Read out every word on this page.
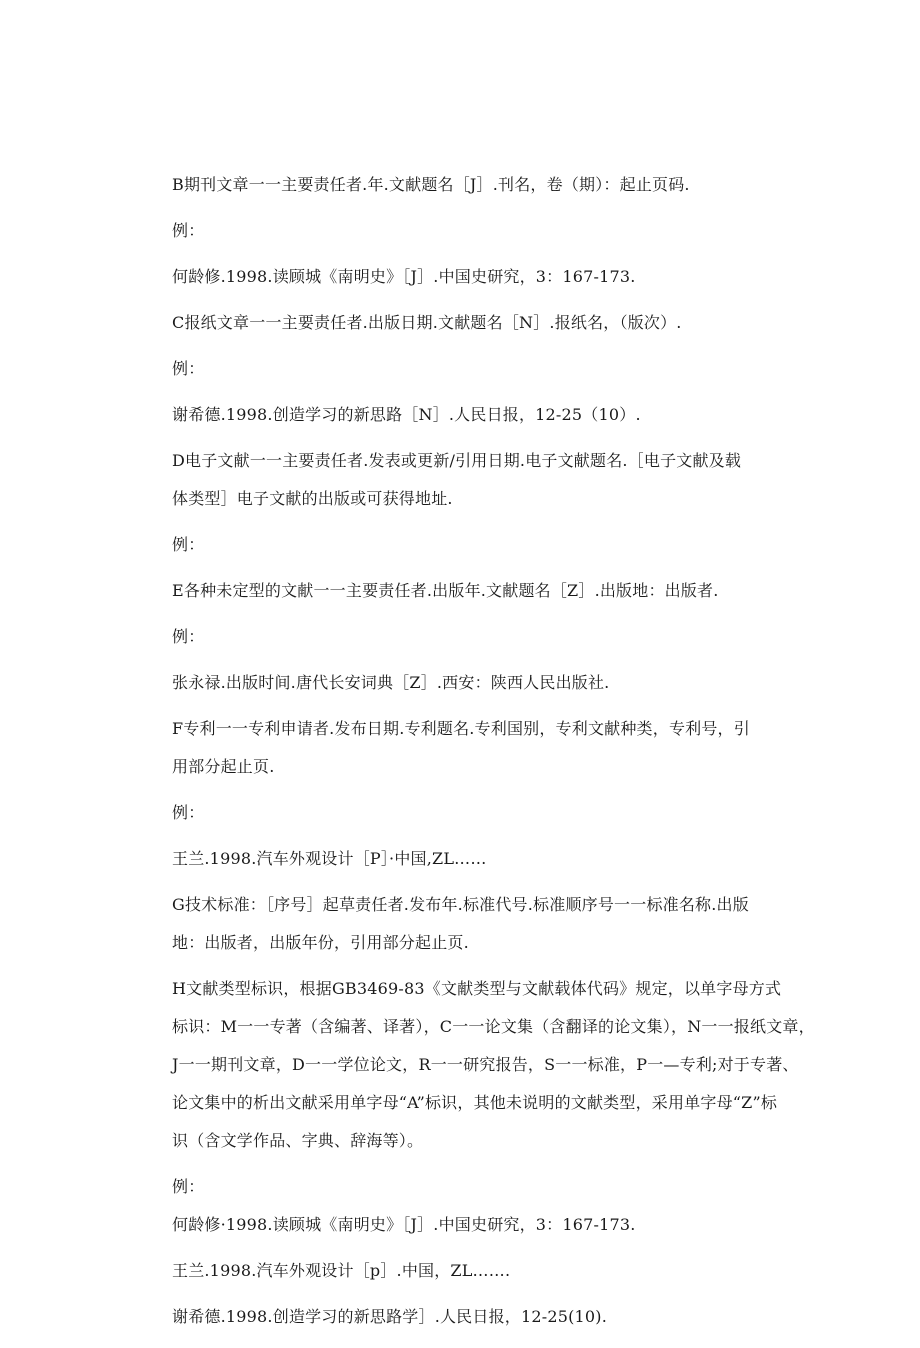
B期刊文章一一主要责任者.年.文献题名［J］.刊名，卷（期）：起止页码.
例：
何龄修.1998.读顾城《南明史》［J］.中国史研究，3：167-173.
C报纸文章一一主要责任者.出版日期.文献题名［N］.报纸名，（版次）.
例：
谢希德.1998.创造学习的新思路［N］.人民日报，12-25（10）.
D电子文献一一主要责任者.发表或更新/引用日期.电子文献题名.［电子文献及载
体类型］电子文献的出版或可获得地址.
例：
E各种未定型的文献一一主要责任者.出版年.文献题名［Z］.出版地：出版者.
例：
张永禄.出版时间.唐代长安词典［Z］.西安：陕西人民出版社.
F专利一一专利申请者.发布日期.专利题名.专利国别，专利文献种类，专利号，引
用部分起止页.
例：
王兰.1998.汽车外观设计［P］·中国,ZL……
G技术标准：［序号］起草责任者.发布年.标准代号.标准顺序号一一标准名称.出版
地：出版者，出版年份，引用部分起止页.
H文献类型标识，根据GB3469-83《文献类型与文献载体代码》规定，以单字母方式
标识：M一一专著（含编著、译著），C一一论文集（含翻译的论文集），N一一报纸文章，
J一一期刊文章，D一一学位论文，R一一研究报告，S一一标准，P一—专利;对于专著、
论文集中的析出文献采用单字母“A”标识，其他未说明的文献类型，采用单字母“Z”标
识（含文学作品、字典、辞海等）。
例：
何龄修·1998.读顾城《南明史》［J］.中国史研究，3：167-173.
王兰.1998.汽车外观设计［p］.中国，ZL…….
谢希德.1998.创造学习的新思路学］.人民日报，12-25(10).
